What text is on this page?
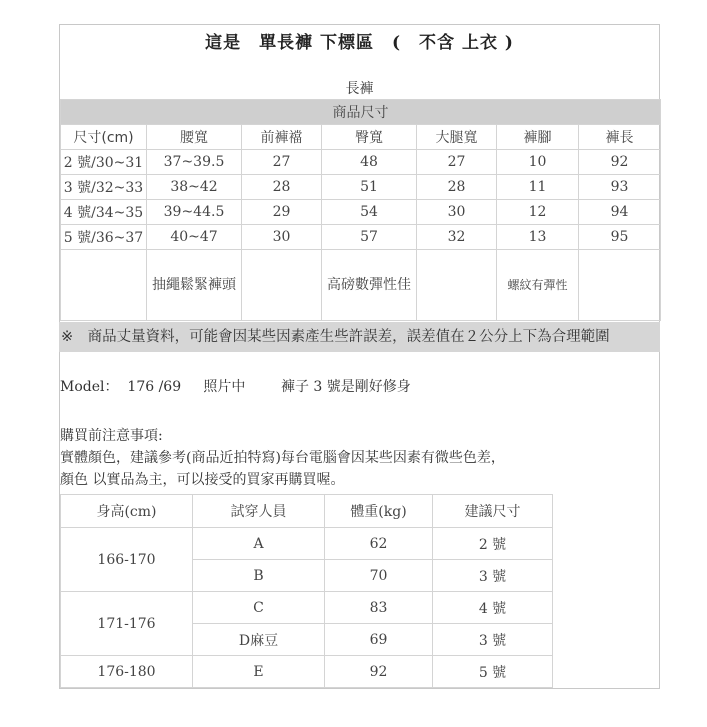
這是　單長褲 下標區　(　不含 上衣 )
長褲
商品尺寸						
尺寸(cm)	腰寬	前褲襠	臀寬	大腿寬	褲腳	褲長
2 號/30~31	37~39.5	27	48	27	10	92
3 號/32~33	38~42	28	51	28	11	93
4 號/34~35	39~44.5	29	54	30	12	94
5 號/36~37	40~47	30	57	32	13	95
	抽繩鬆緊褲頭		高磅數彈性佳		螺紋有彈性	
※　商品丈量資料，可能會因某些因素產生些許誤差，誤差值在２公分上下為合理範圍
Model： 176 /69 照片中	褲子 3 號是剛好修身
購買前注意事項:
實體顏色，建議參考(商品近拍特寫)每台電腦會因某些因素有微些色差，
顏色 以實品為主，可以接受的買家再購買喔。
身高(cm)	試穿人員	體重(kg)	建議尺寸
166-170	A	62	2 號
	B	70	3 號
171-176	C	83	4 號
	D麻豆	69	3 號
176-180	E	92	5 號
